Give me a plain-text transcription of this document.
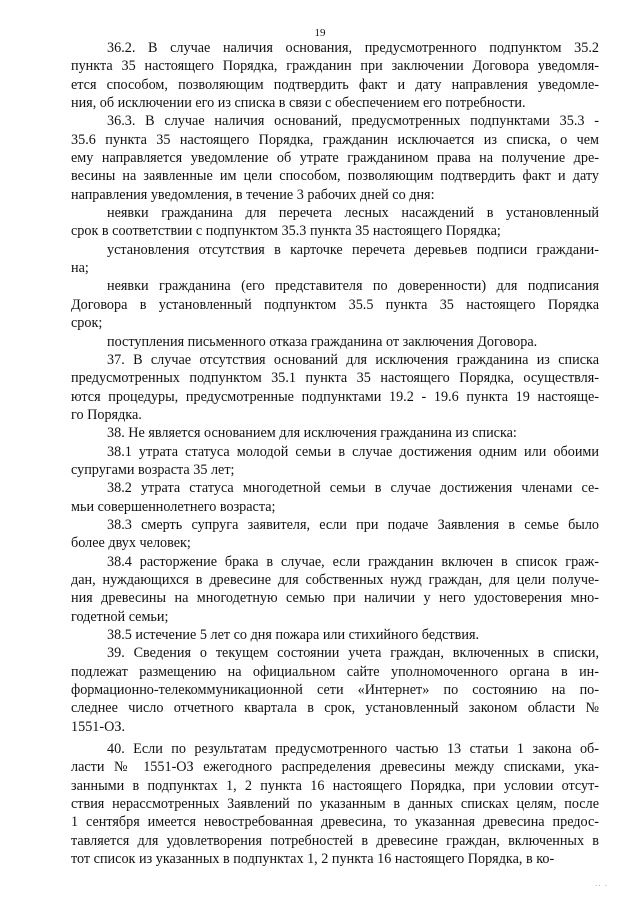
19
36.2. В случае наличия основания, предусмотренного подпунктом 35.2
пункта 35 настоящего Порядка, гражданин при заключении Договора уведомля-
ется способом, позволяющим подтвердить факт и дату направления уведомле-
ния, об исключении его из списка в связи с обеспечением его потребности.
36.3. В случае наличия оснований, предусмотренных подпунктами 35.3 -
35.6 пункта 35 настоящего Порядка, гражданин исключается из списка, о чем
ему направляется уведомление об утрате гражданином права на получение дре-
весины на заявленные им цели способом, позволяющим подтвердить факт и дату
направления уведомления, в течение 3 рабочих дней со дня:
неявки гражданина для перечета лесных насаждений в установленный
срок в соответствии с подпунктом 35.3 пункта 35 настоящего Порядка;
установления отсутствия в карточке перечета деревьев подписи граждани-
на;
неявки гражданина (его представителя по доверенности) для подписания
Договора в установленный подпунктом 35.5 пункта 35 настоящего Порядка
срок;
поступления письменного отказа гражданина от заключения Договора.
37. В случае отсутствия оснований для исключения гражданина из списка
предусмотренных подпунктом 35.1 пункта 35 настоящего Порядка, осуществля-
ются процедуры, предусмотренные подпунктами 19.2 - 19.6 пункта 19 настояще-
го Порядка.
38. Не является основанием для исключения гражданина из списка:
38.1 утрата статуса молодой семьи в случае достижения одним или обоими
супругами возраста 35 лет;
38.2 утрата статуса многодетной семьи в случае достижения членами се-
мьи совершеннолетнего возраста;
38.3 смерть супруга заявителя, если при подаче Заявления в семье было
более двух человек;
38.4 расторжение брака в случае, если гражданин включен в список граж-
дан, нуждающихся в древесине для собственных нужд граждан, для цели получе-
ния древесины на многодетную семью при наличии у него удостоверения мно-
годетной семьи;
38.5 истечение 5 лет со дня пожара или стихийного бедствия.
39. Сведения о текущем состоянии учета граждан, включенных в списки,
подлежат размещению на официальном сайте уполномоченного органа в ин-
формационно-телекоммуникационной сети «Интернет» по состоянию на по-
следнее число отчетного квартала в срок, установленный законом области №
1551-ОЗ.
40. Если по результатам предусмотренного частью 13 статьи 1 закона об-
ласти № 1551-ОЗ ежегодного распределения древесины между списками, ука-
занными в подпунктах 1, 2 пункта 16 настоящего Порядка, при условии отсут-
ствия нерассмотренных Заявлений по указанным в данных списках целям, после
1 сентября имеется невостребованная древесина, то указанная древесина предос-
тавляется для удовлетворения потребностей в древесине граждан, включенных в
тот список из указанных в подпунктах 1, 2 пункта 16 настоящего Порядка, в ко-
.. .
